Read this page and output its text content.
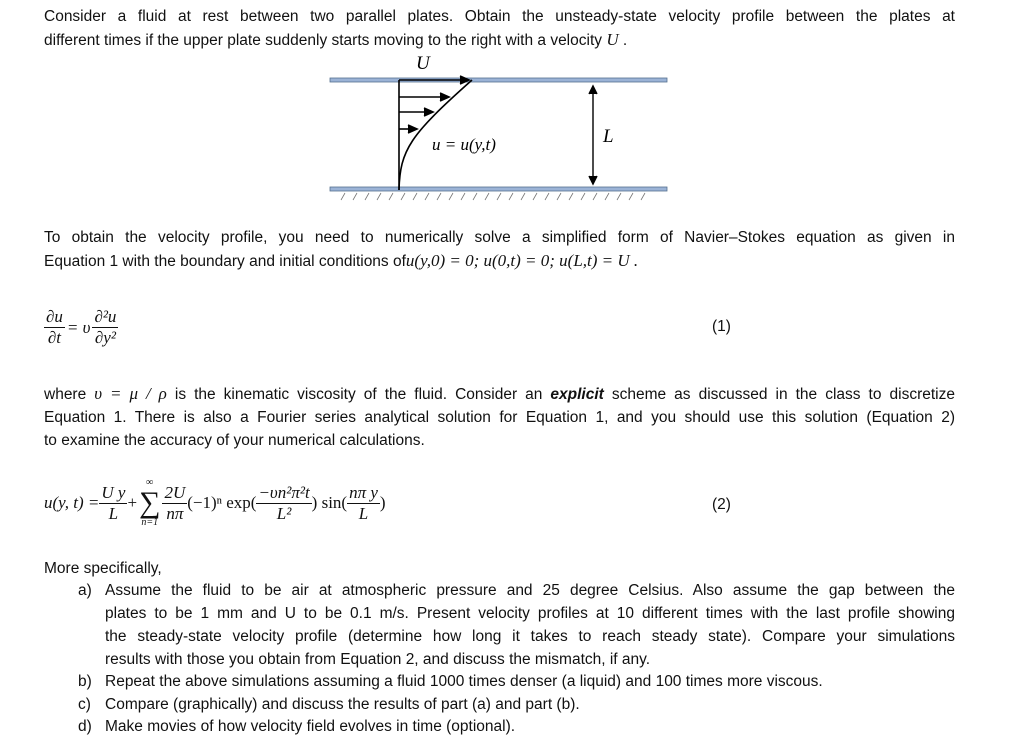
Consider a fluid at rest between two parallel plates. Obtain the unsteady-state velocity profile between the plates at
different times if the upper plate suddenly starts moving to the right with a velocity U .
U
u = u(y,t)	L
To obtain the velocity profile, you need to numerically solve a simplified form of Navier–Stokes equation as given in
Equation 1 with the boundary and initial conditions ofu(y,0) = 0; u(0,t) = 0; u(L,t) = U .
$\frac{\partial u}{\partial t} = \upsilon \frac{\text{∂²u}}{\text{∂y²}}$	(1)
where υ = μ / ρ is the kinematic viscosity of the fluid. Consider an explicit scheme as discussed in the class to discretize
Equation 1. There is also a Fourier series analytical solution for Equation 1, and you should use this solution (Equation 2)
to examine the accuracy of your numerical calculations.
u(y, $t) = \frac{\text{U y}}{L}$ +
∞
∑
$n=1 \frac{2U}{n\pi} (-1)^n$ $\exp( \frac{\text{−υn²π²t}}{\text{L²}}$ ) $\sin( \frac{\text{nπ y}}{L}$ )	(2)
More specifically,
a) Assume the fluid to be air at atmospheric pressure and 25 degree Celsius. Also assume the gap between the
plates to be 1 mm and U to be 0.1 m/s. Present velocity profiles at 10 different times with the last profile showing
the steady-state velocity profile (determine how long it takes to reach steady state). Compare your simulations
results with those you obtain from Equation 2, and discuss the mismatch, if any.
b) Repeat the above simulations assuming a fluid 1000 times denser (a liquid) and 100 times more viscous.
c) Compare (graphically) and discuss the results of part (a) and part (b).
d) Make movies of how velocity field evolves in time (optional).
